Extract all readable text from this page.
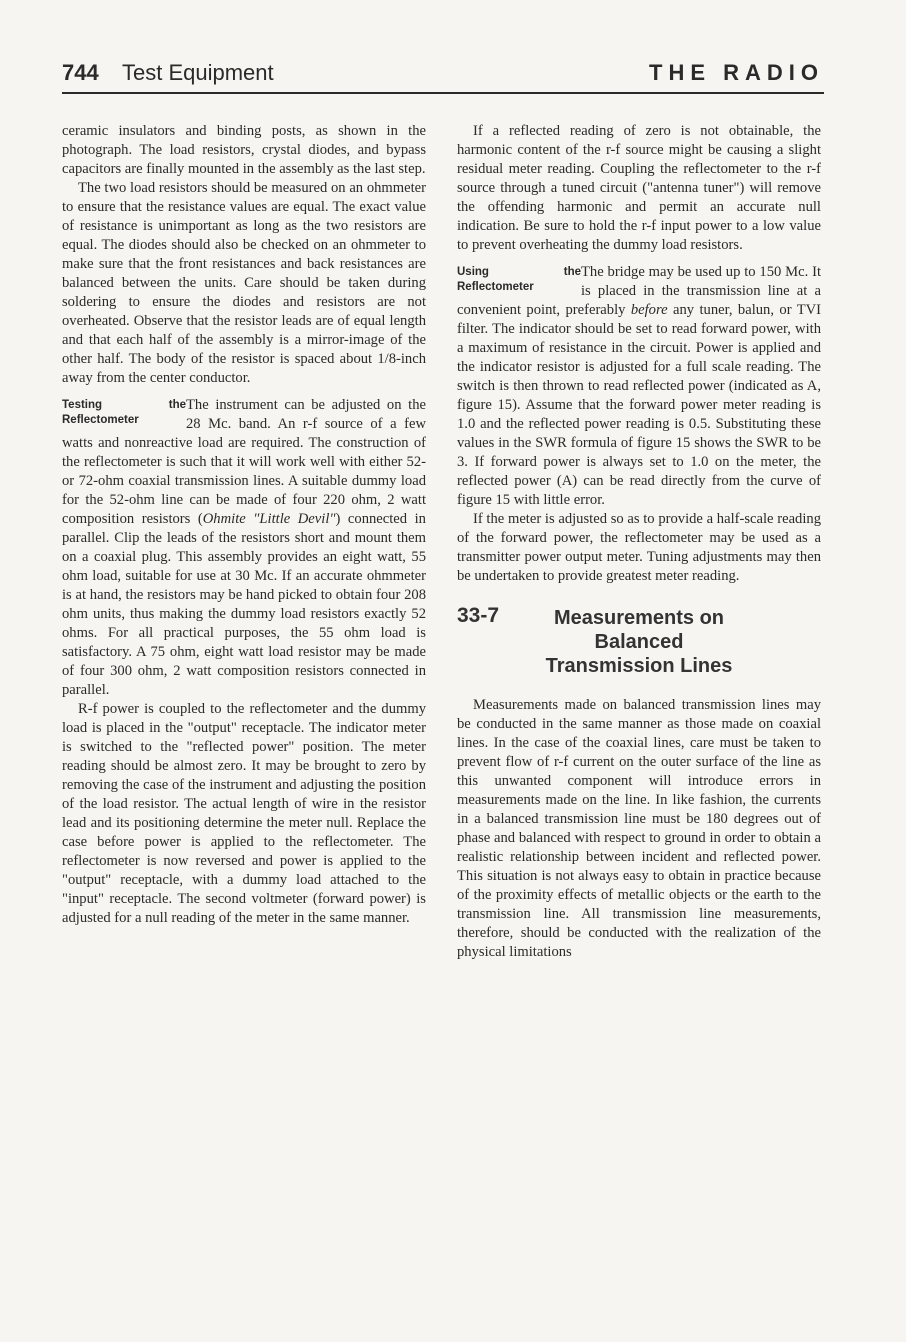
744 Test Equipment	THE RADIO

ceramic insulators and binding posts, as shown in the photograph. The load resistors, crystal diodes, and bypass capacitors are finally mounted in the assembly as the last step.

The two load resistors should be measured on an ohmmeter to ensure that the resistance values are equal. The exact value of resistance is unimportant as long as the two resistors are equal. The diodes should also be checked on an ohmmeter to make sure that the front resistances and back resistances are balanced between the units. Care should be taken during soldering to ensure the diodes and resistors are not overheated. Observe that the resistor leads are of equal length and that each half of the assembly is a mirror-image of the other half. The body of the resistor is spaced about 1/8-inch away from the center conductor.

Testing the Reflectometer

The instrument can be adjusted on the 28 Mc. band. An r-f source of a few watts and nonreactive load are required. The construction of the reflectometer is such that it will work well with either 52- or 72-ohm coaxial transmission lines. A suitable dummy load for the 52-ohm line can be made of four 220 ohm, 2 watt composition resistors (Ohmite "Little Devil") connected in parallel. Clip the leads of the resistors short and mount them on a coaxial plug. This assembly provides an eight watt, 55 ohm load, suitable for use at 30 Mc. If an accurate ohmmeter is at hand, the resistors may be hand picked to obtain four 208 ohm units, thus making the dummy load resistors exactly 52 ohms. For all practical purposes, the 55 ohm load is satisfactory. A 75 ohm, eight watt load resistor may be made of four 300 ohm, 2 watt composition resistors connected in parallel.

R-f power is coupled to the reflectometer and the dummy load is placed in the "output" receptacle. The indicator meter is switched to the "reflected power" position. The meter reading should be almost zero. It may be brought to zero by removing the case of the instrument and adjusting the position of the load resistor. The actual length of wire in the resistor lead and its positioning determine the meter null. Replace the case before power is applied to the reflectometer. The reflectometer is now reversed and power is applied to the "output" receptacle, with a dummy load attached to the "input" receptacle. The second voltmeter (forward power) is adjusted for a null reading of the meter in the same manner.

If a reflected reading of zero is not obtainable, the harmonic content of the r-f source might be causing a slight residual meter reading. Coupling the reflectometer to the r-f source through a tuned circuit ("antenna tuner") will remove the offending harmonic and permit an accurate null indication. Be sure to hold the r-f input power to a low value to prevent overheating the dummy load resistors.

Using the Reflectometer

The bridge may be used up to 150 Mc. It is placed in the transmission line at a convenient point, preferably before any tuner, balun, or TVI filter. The indicator should be set to read forward power, with a maximum of resistance in the circuit. Power is applied and the indicator resistor is adjusted for a full scale reading. The switch is then thrown to read reflected power (indicated as A, figure 15). Assume that the forward power meter reading is 1.0 and the reflected power reading is 0.5. Substituting these values in the SWR formula of figure 15 shows the SWR to be 3. If forward power is always set to 1.0 on the meter, the reflected power (A) can be read directly from the curve of figure 15 with little error.

If the meter is adjusted so as to provide a half-scale reading of the forward power, the reflectometer may be used as a transmitter power output meter. Tuning adjustments may then be undertaken to provide greatest meter reading.

33-7	Measurements on Balanced Transmission Lines

Measurements made on balanced transmission lines may be conducted in the same manner as those made on coaxial lines. In the case of the coaxial lines, care must be taken to prevent flow of r-f current on the outer surface of the line as this unwanted component will introduce errors in measurements made on the line. In like fashion, the currents in a balanced transmission line must be 180 degrees out of phase and balanced with respect to ground in order to obtain a realistic relationship between incident and reflected power. This situation is not always easy to obtain in practice because of the proximity effects of metallic objects or the earth to the transmission line. All transmission line measurements, therefore, should be conducted with the realization of the physical limitations
